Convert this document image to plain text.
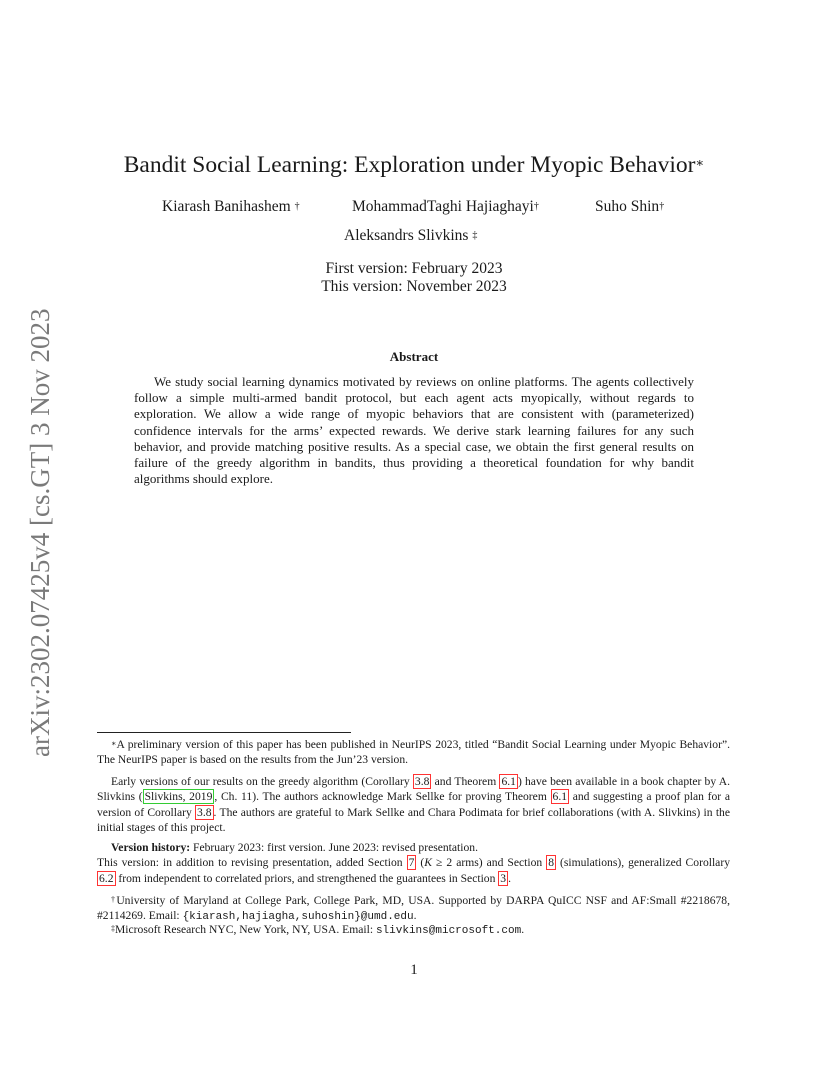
arXiv:2302.07425v4 [cs.GT] 3 Nov 2023
Bandit Social Learning: Exploration under Myopic Behavior∗
Kiarash Banihashem †	MohammadTaghi Hajiaghayi†	Suho Shin†
Aleksandrs Slivkins ‡
First version: February 2023
This version: November 2023
Abstract

We study social learning dynamics motivated by reviews on online platforms. The agents collectively follow a simple multi-armed bandit protocol, but each agent acts myopically, without regards to exploration. We allow a wide range of myopic behaviors that are consistent with (parameterized) confidence intervals for the arms’ expected rewards. We derive stark learning failures for any such behavior, and provide matching positive results. As a special case, we obtain the first general results on failure of the greedy algorithm in bandits, thus providing a theoretical foundation for why bandit algorithms should explore.

∗A preliminary version of this paper has been published in NeurIPS 2023, titled “Bandit Social Learning under Myopic Behavior”. The NeurIPS paper is based on the results from the Jun’23 version.

Early versions of our results on the greedy algorithm (Corollary 3.8 and Theorem 6.1 ) have been available in a book chapter by A. Slivkins ( Slivkins, 2019 , Ch. 11). The authors acknowledge Mark Sellke for proving Theorem 6.1 and suggesting a proof plan for a version of Corollary 3.8 . The authors are grateful to Mark Sellke and Chara Podimata for brief collaborations (with A. Slivkins) in the initial stages of this project.

Version history: February 2023: first version. June 2023: revised presentation.
This version: in addition to revising presentation, added Section 7 (K ≥ 2 arms) and Section 8 (simulations), generalized Corollary 6.2 from independent to correlated priors, and strengthened the guarantees in Section 3 .

†University of Maryland at College Park, College Park, MD, USA. Supported by DARPA QuICC NSF and AF:Small #2218678, #2114269. Email: {kiarash,hajiagha,suhoshin}@umd.edu.

‡Microsoft Research NYC, New York, NY, USA. Email: slivkins@microsoft.com.

1
